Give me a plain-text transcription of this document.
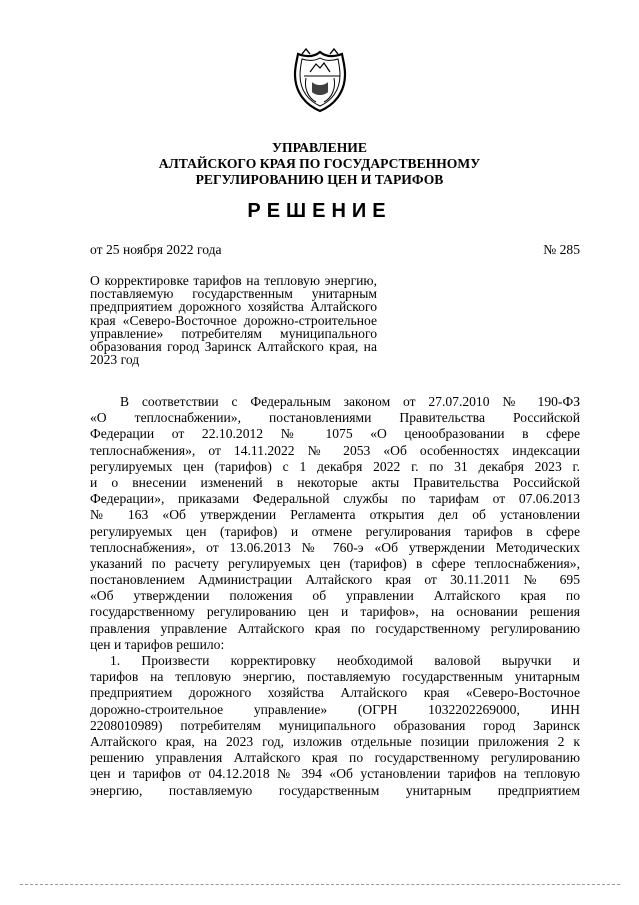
УПРАВЛЕНИЕ
АЛТАЙСКОГО КРАЯ ПО ГОСУДАРСТВЕННОМУ
РЕГУЛИРОВАНИЮ ЦЕН И ТАРИФОВ
РЕШЕНИЕ
от 25 ноября 2022 года	№ 285
О корректировке тарифов на тепловую энергию, поставляемую государственным унитарным предприятием дорожного хозяйства Алтайского края «Северо-Восточное дорожно-строительное управление» потребителям муниципального образования город Заринск Алтайского края, на 2023 год
В соответствии с Федеральным законом от 27.07.2010 № 190-ФЗ
«О теплоснабжении», постановлениями Правительства Российской
Федерации от 22.10.2012 № 1075 «О ценообразовании в сфере
теплоснабжения», от 14.11.2022 № 2053 «Об особенностях индексации
регулируемых цен (тарифов) с 1 декабря 2022 г. по 31 декабря 2023 г.
и о внесении изменений в некоторые акты Правительства Российской
Федерации», приказами Федеральной службы по тарифам от 07.06.2013
№ 163 «Об утверждении Регламента открытия дел об установлении
регулируемых цен (тарифов) и отмене регулирования тарифов в сфере
теплоснабжения», от 13.06.2013 № 760-э «Об утверждении Методических
указаний по расчету регулируемых цен (тарифов) в сфере теплоснабжения»,
постановлением Администрации Алтайского края от 30.11.2011 № 695
«Об утверждении положения об управлении Алтайского края по
государственному регулированию цен и тарифов», на основании решения
правления управление Алтайского края по государственному регулированию
цен и тарифов решило:
1. Произвести корректировку необходимой валовой выручки и
тарифов на тепловую энергию, поставляемую государственным унитарным
предприятием дорожного хозяйства Алтайского края «Северо-Восточное
дорожно-строительное управление» (ОГРН 1032202269000, ИНН
2208010989) потребителям муниципального образования город Заринск
Алтайского края, на 2023 год, изложив отдельные позиции приложения 2 к
решению управления Алтайского края по государственному регулированию
цен и тарифов от 04.12.2018 № 394 «Об установлении тарифов на тепловую
энергию, поставляемую государственным унитарным предприятием
